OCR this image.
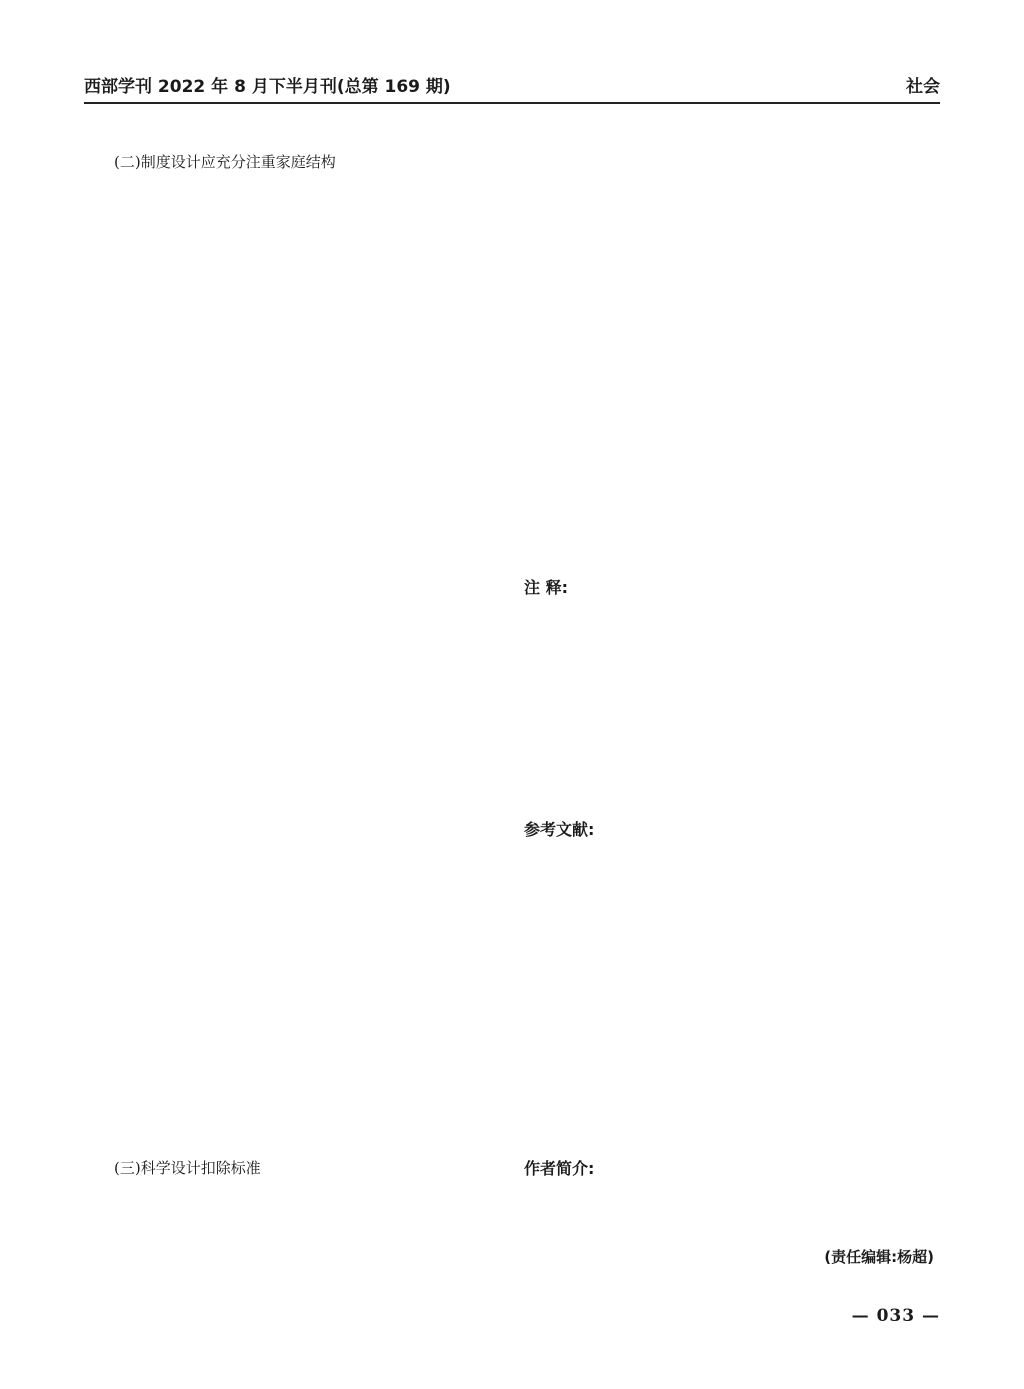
西部学刊 2022 年 8 月下半月刊(总第 169 期)	社会

(二)制度设计应充分注重家庭结构

(三)科学设计扣除标准

注 释:
参考文献:
作者简介:
(责任编辑:杨超)
— 033 —
